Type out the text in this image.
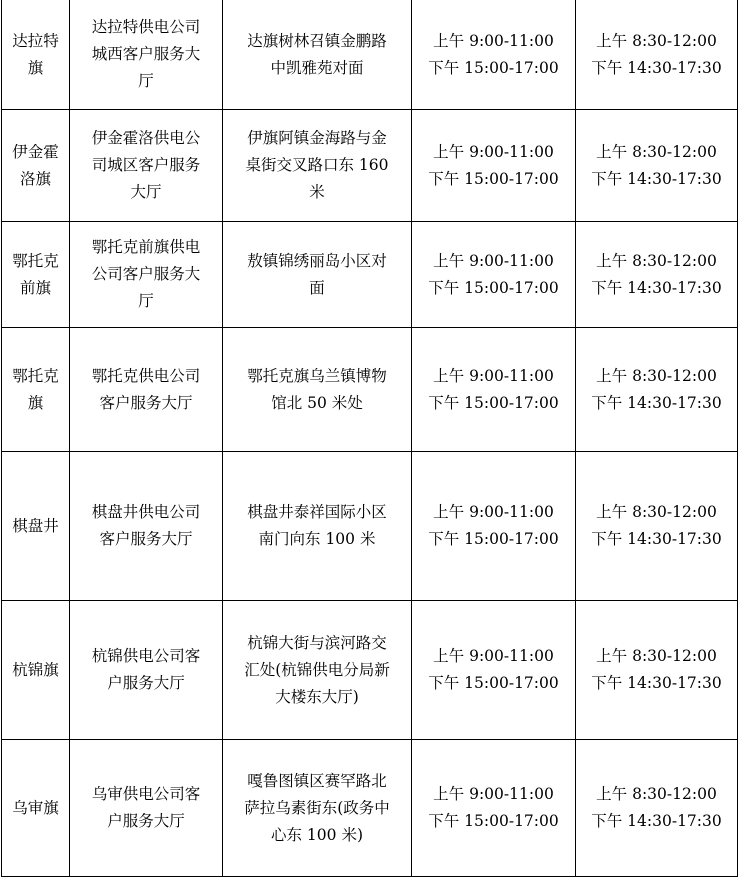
达拉特
旗	达拉特供电公司
城西客户服务大
厅	达旗树林召镇金鹏路
中凯雅苑对面	上午 9:00-11:00
下午 15:00-17:00	上午 8:30-12:00
下午 14:30-17:30

伊金霍
洛旗	伊金霍洛供电公
司城区客户服务
大厅	伊旗阿镇金海路与金
桌街交叉路口东 160
米	上午 9:00-11:00
下午 15:00-17:00	上午 8:30-12:00
下午 14:30-17:30

鄂托克
前旗	鄂托克前旗供电
公司客户服务大
厅	敖镇锦绣丽岛小区对
面	上午 9:00-11:00
下午 15:00-17:00	上午 8:30-12:00
下午 14:30-17:30

鄂托克
旗	鄂托克供电公司
客户服务大厅	鄂托克旗乌兰镇博物
馆北 50 米处	上午 9:00-11:00
下午 15:00-17:00	上午 8:30-12:00
下午 14:30-17:30

棋盘井	棋盘井供电公司
客户服务大厅	棋盘井泰祥国际小区
南门向东 100 米	上午 9:00-11:00
下午 15:00-17:00	上午 8:30-12:00
下午 14:30-17:30

杭锦旗	杭锦供电公司客
户服务大厅	杭锦大街与滨河路交
汇处(杭锦供电分局新
大楼东大厅)	上午 9:00-11:00
下午 15:00-17:00	上午 8:30-12:00
下午 14:30-17:30

乌审旗	乌审供电公司客
户服务大厅	嘎鲁图镇区赛罕路北
萨拉乌素街东(政务中
心东 100 米)	上午 9:00-11:00
下午 15:00-17:00	上午 8:30-12:00
下午 14:30-17:30
